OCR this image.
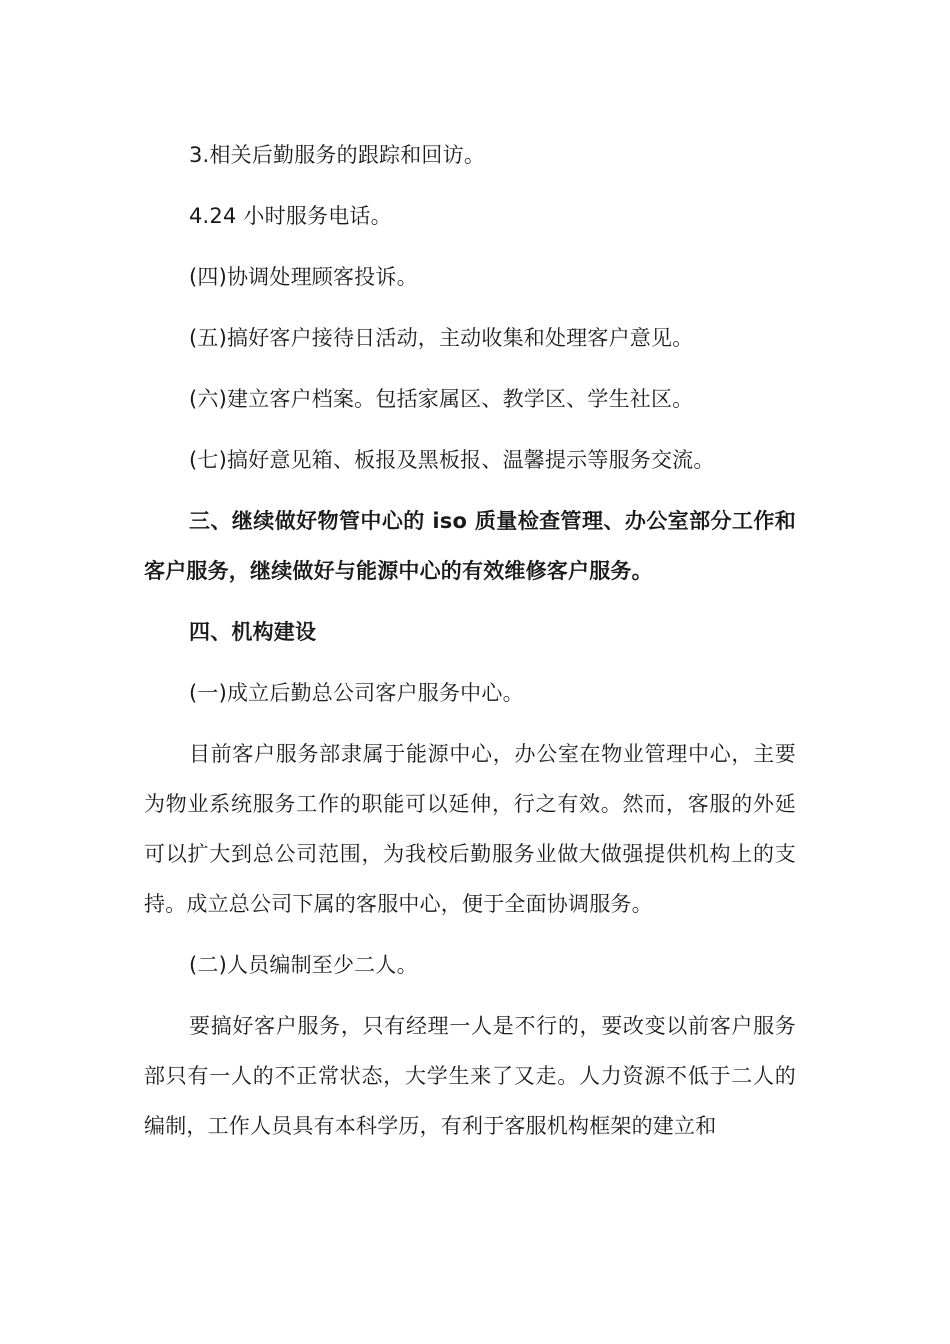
3.相关后勤服务的跟踪和回访。

4.24 小时服务电话。

(四)协调处理顾客投诉。

(五)搞好客户接待日活动，主动收集和处理客户意见。

(六)建立客户档案。包括家属区、教学区、学生社区。

(七)搞好意见箱、板报及黑板报、温馨提示等服务交流。

三、继续做好物管中心的 iso 质量检查管理、办公室部分工作和客户服务，继续做好与能源中心的有效维修客户服务。

四、机构建设

(一)成立后勤总公司客户服务中心。

目前客户服务部隶属于能源中心，办公室在物业管理中心，主要为物业系统服务工作的职能可以延伸，行之有效。然而，客服的外延可以扩大到总公司范围，为我校后勤服务业做大做强提供机构上的支持。成立总公司下属的客服中心，便于全面协调服务。

(二)人员编制至少二人。

要搞好客户服务，只有经理一人是不行的，要改变以前客户服务部只有一人的不正常状态，大学生来了又走。人力资源不低于二人的编制，工作人员具有本科学历，有利于客服机构框架的建立和
